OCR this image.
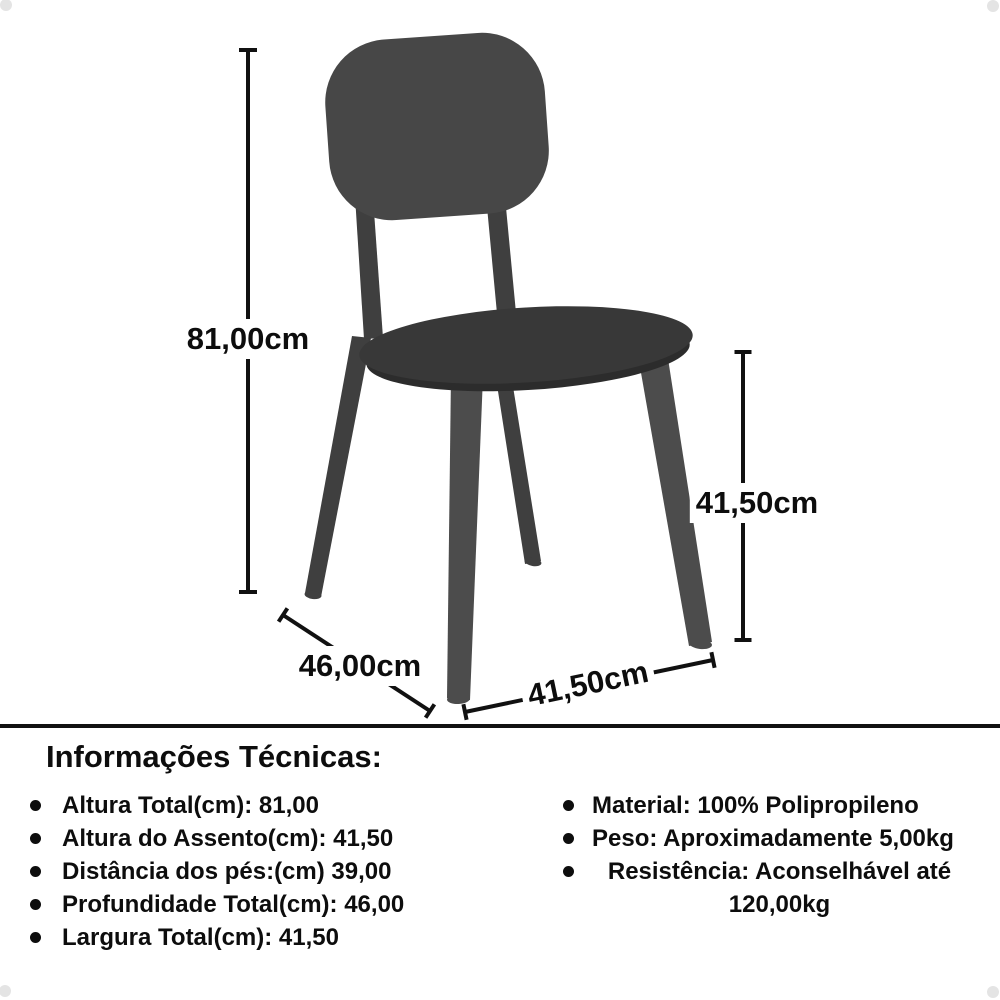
81,00cm
41,50cm
46,00cm	41,50cm
Informações Técnicas:
Altura Total(cm): 81,00
Altura do Assento(cm): 41,50
Distância dos pés:(cm) 39,00
Profundidade Total(cm): 46,00
Largura Total(cm): 41,50
Material: 100% Polipropileno
Peso: Aproximadamente 5,00kg
Resistência: Aconselhável até
120,00kg
